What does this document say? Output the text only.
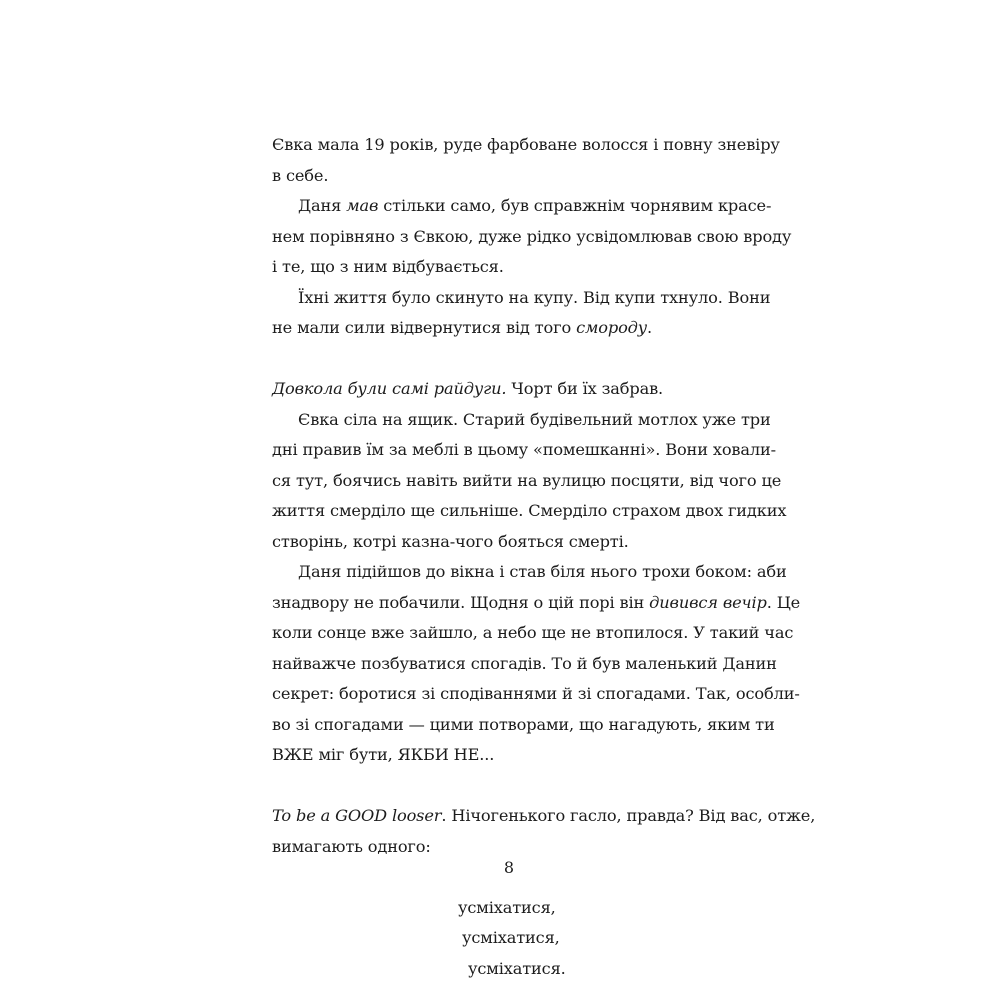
Євка мала 19 років, руде фарбоване волосся і повну зневіру
в себе.
Даня мав стільки само, був справжнім чорнявим красе-
нем порівняно з Євкою, дуже рідко усвідомлював свою вроду
і те, що з ним відбувається.
Їхні життя було скинуто на купу. Від купи тхнуло. Вони
не мали сили відвернутися від того смороду.
Довкола були самі райдуги. Чорт би їх забрав.
Євка сіла на ящик. Старий будівельний мотлох уже три
дні правив їм за меблі в цьому «помешканні». Вони ховали-
ся тут, боячись навіть вийти на вулицю посцяти, від чого це
життя смерділо ще сильніше. Смерділо страхом двох гидких
створінь, котрі казна-чого бояться смерті.
Даня підійшов до вікна і став біля нього трохи боком: аби
знадвору не побачили. Щодня о цій порі він дивився вечір. Це
коли сонце вже зайшло, а небо ще не втопилося. У такий час
найважче позбуватися спогадів. То й був маленький Данин
секрет: боротися зі сподіваннями й зі спогадами. Так, особли-
во зі спогадами — цими потворами, що нагадують, яким ти
ВЖЕ міг бути, ЯКБИ НЕ...
To be a GOOD looser. Нічогенького гасло, правда? Від вас, отже,
вимагають одного:
усміхатися,
усміхатися,
усміхатися.
8
